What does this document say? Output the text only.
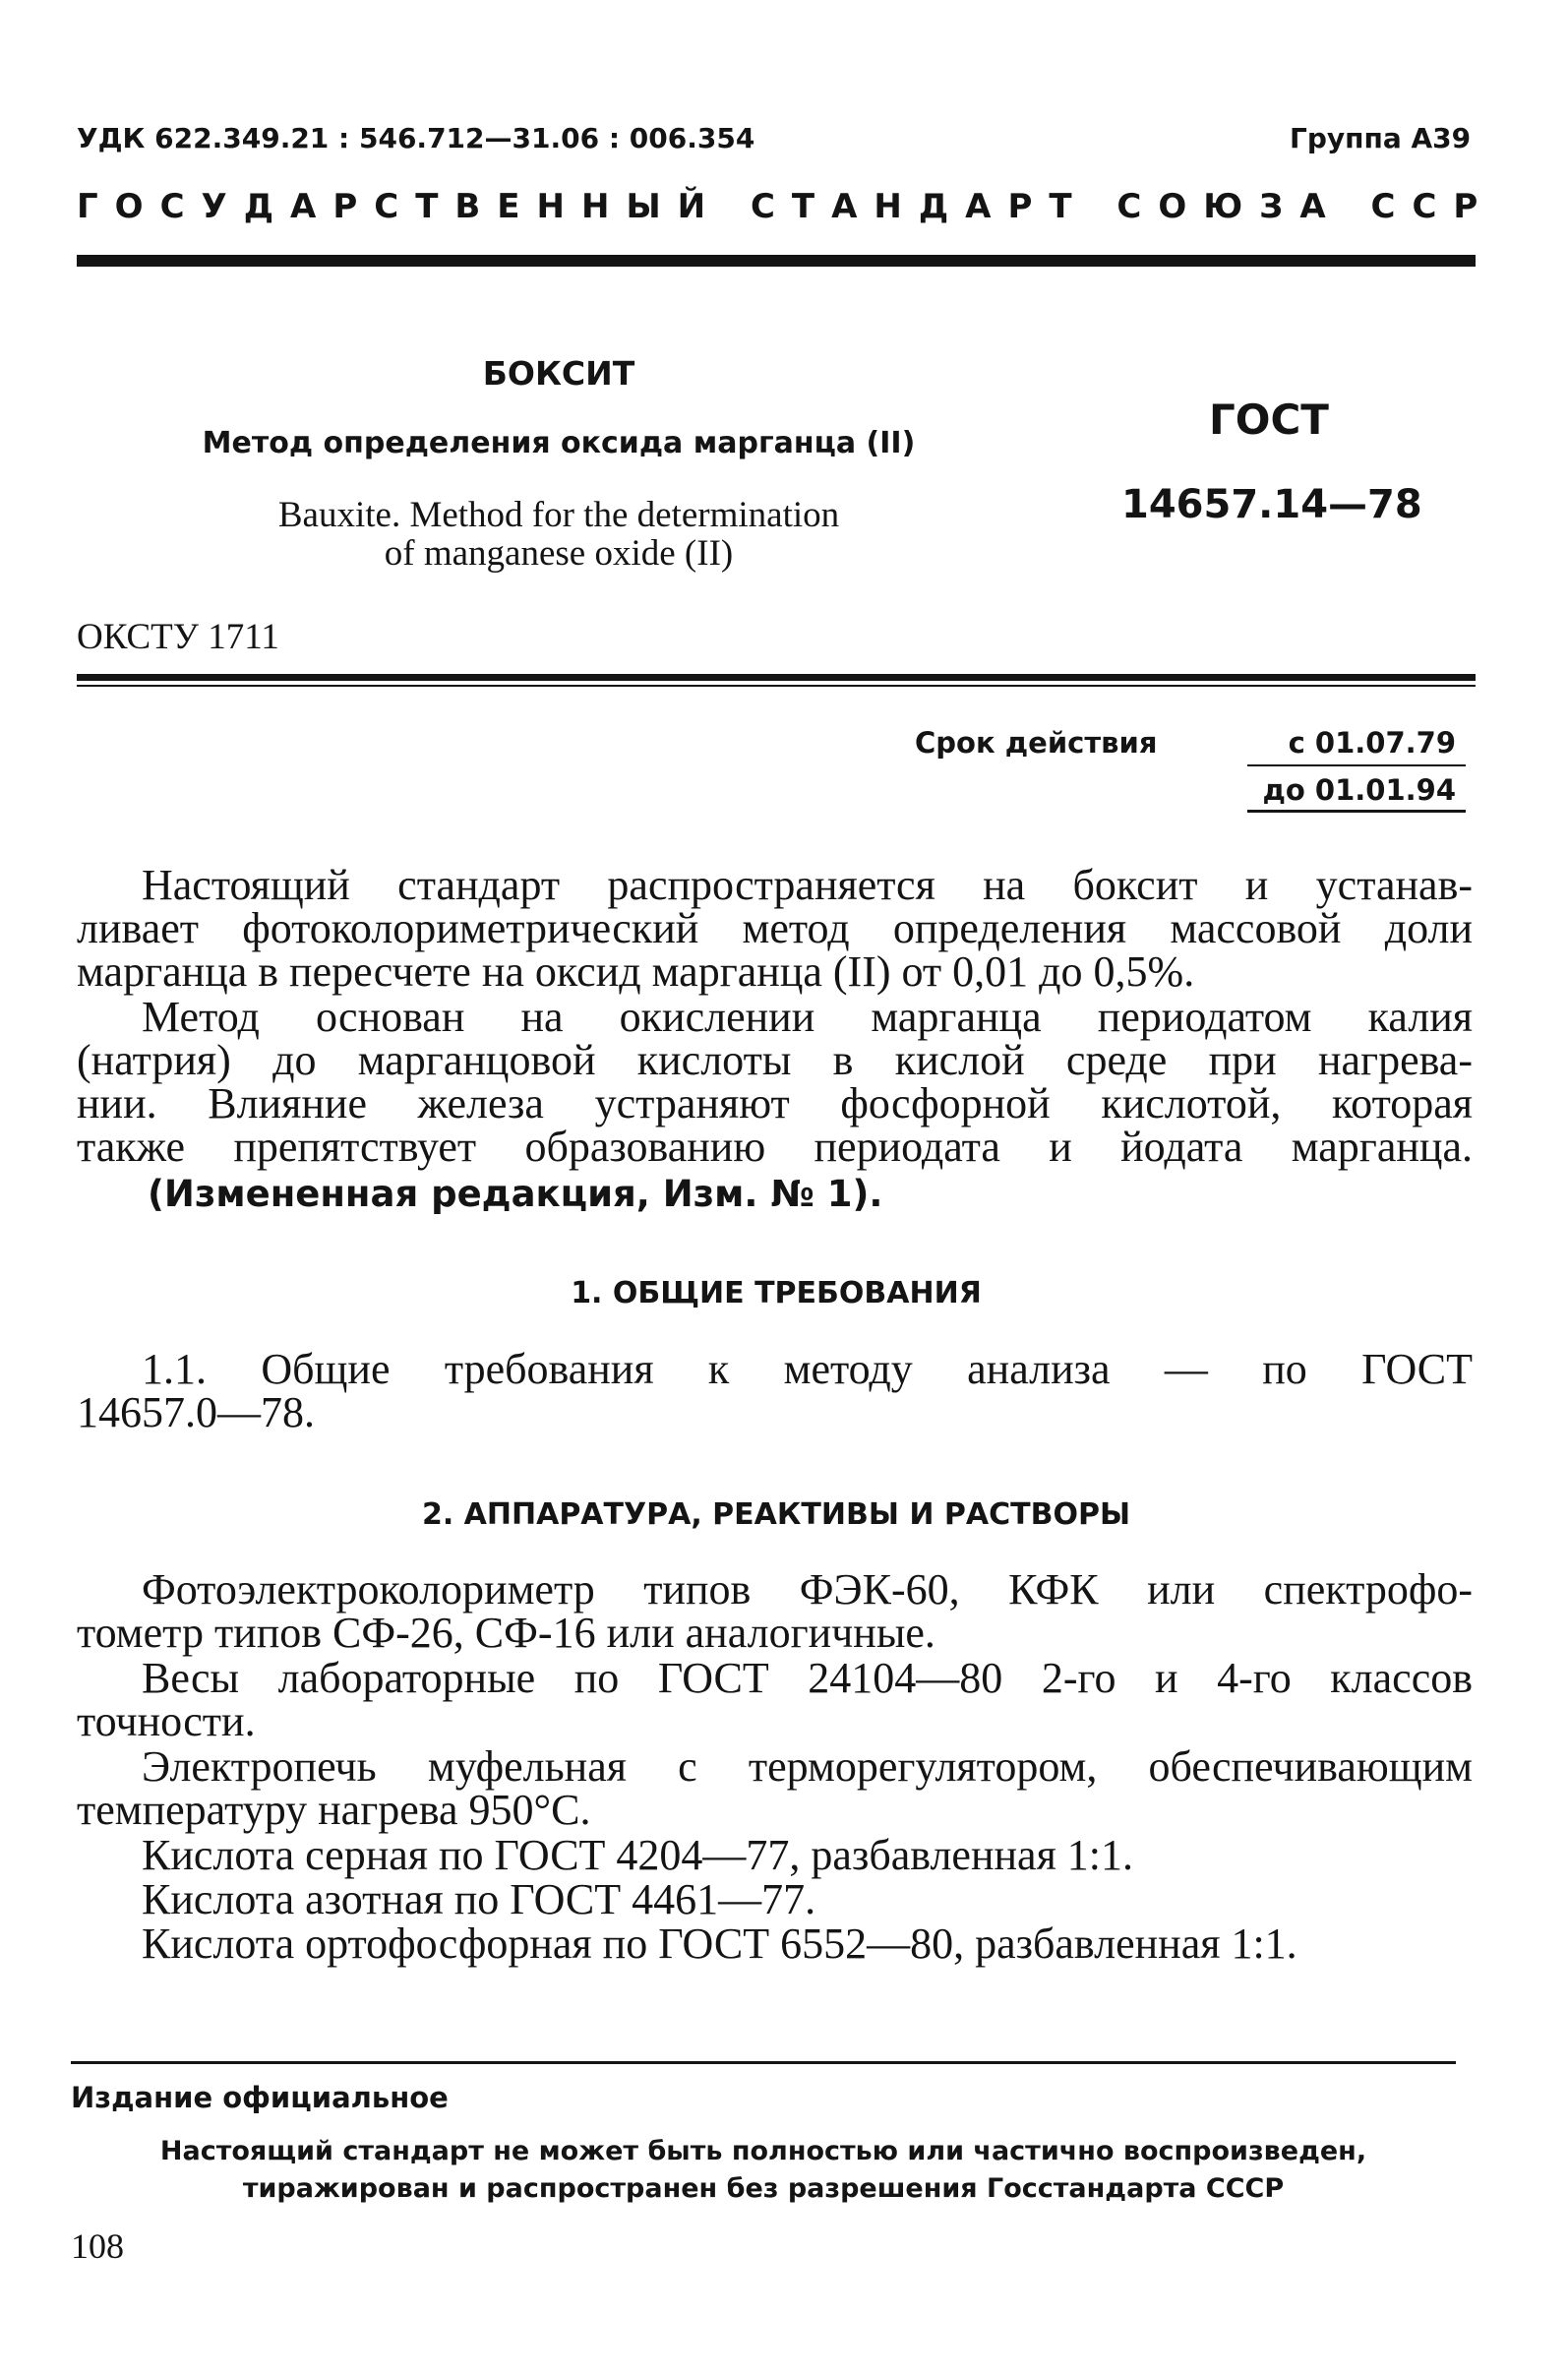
УДК 622.349.21 : 546.712—31.06 : 006.354	Группа А39
ГОСУДАРСТВЕННЫЙ СТАНДАРТ СОЮЗА ССР
БОКСИТ
Метод определения оксида марганца (II)
Bauxite. Method for the determination
of manganese oxide (II)
ГОСТ
14657.14—78
ОКСТУ 1711
Срок действия	с 01.07.79
до 01.01.94
Настоящий стандарт распространяется на боксит и устанав-
ливает фотоколориметрический метод определения массовой доли
марганца в пересчете на оксид марганца (II) от 0,01 до 0,5%.
Метод основан на окислении марганца периодатом калия
(натрия) до марганцовой кислоты в кислой среде при нагрева-
нии. Влияние железа устраняют фосфорной кислотой, которая
также препятствует образованию периодата и йодата марганца.
(Измененная редакция, Изм. № 1).
1. ОБЩИЕ ТРЕБОВАНИЯ
1.1. Общие требования к методу анализа — по ГОСТ
14657.0—78.
2. АППАРАТУРА, РЕАКТИВЫ И РАСТВОРЫ
Фотоэлектроколориметр типов ФЭК-60, КФК или спектрофо-
тометр типов СФ-26, СФ-16 или аналогичные.
Весы лабораторные по ГОСТ 24104—80 2-го и 4-го классов
точности.
Электропечь муфельная с терморегулятором, обеспечивающим
температуру нагрева 950°С.
Кислота серная по ГОСТ 4204—77, разбавленная 1:1.
Кислота азотная по ГОСТ 4461—77.
Кислота ортофосфорная по ГОСТ 6552—80, разбавленная 1:1.
Издание официальное
Настоящий стандарт не может быть полностью или частично воспроизведен,
тиражирован и распространен без разрешения Госстандарта СССР
108
